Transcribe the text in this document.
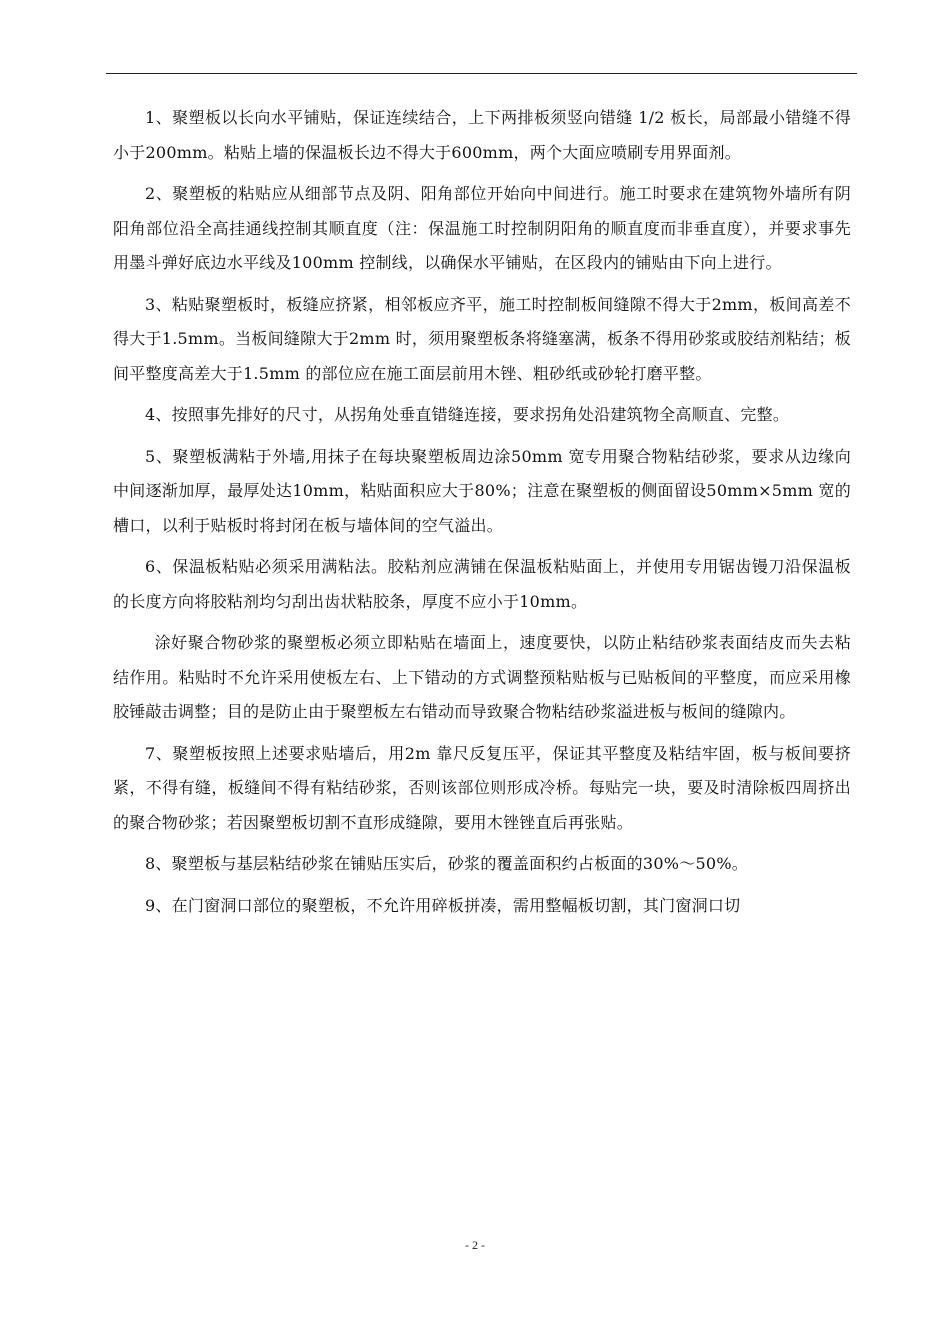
1、聚塑板以长向水平铺贴，保证连续结合，上下两排板须竖向错缝 1/2 板长，局部最小错缝不得小于200mm。粘贴上墙的保温板长边不得大于600mm，两个大面应喷刷专用界面剂。

2、聚塑板的粘贴应从细部节点及阴、阳角部位开始向中间进行。施工时要求在建筑物外墙所有阴阳角部位沿全高挂通线控制其顺直度（注：保温施工时控制阴阳角的顺直度而非垂直度），并要求事先用墨斗弹好底边水平线及100mm 控制线，以确保水平铺贴，在区段内的铺贴由下向上进行。

3、粘贴聚塑板时，板缝应挤紧，相邻板应齐平，施工时控制板间缝隙不得大于2mm，板间高差不得大于1.5mm。当板间缝隙大于2mm 时，须用聚塑板条将缝塞满，板条不得用砂浆或胶结剂粘结；板间平整度高差大于1.5mm 的部位应在施工面层前用木锉、粗砂纸或砂轮打磨平整。

4、按照事先排好的尺寸，从拐角处垂直错缝连接，要求拐角处沿建筑物全高顺直、完整。

5、聚塑板满粘于外墙,用抹子在每块聚塑板周边涂50mm 宽专用聚合物粘结砂浆，要求从边缘向中间逐渐加厚，最厚处达10mm，粘贴面积应大于80%；注意在聚塑板的侧面留设50mm×5mm 宽的槽口，以利于贴板时将封闭在板与墙体间的空气溢出。

6、保温板粘贴必须采用满粘法。胶粘剂应满铺在保温板粘贴面上，并使用专用锯齿镘刀沿保温板的长度方向将胶粘剂均匀刮出齿状粘胶条，厚度不应小于10mm。

涂好聚合物砂浆的聚塑板必须立即粘贴在墙面上，速度要快，以防止粘结砂浆表面结皮而失去粘结作用。粘贴时不允许采用使板左右、上下错动的方式调整预粘贴板与已贴板间的平整度，而应采用橡胶锤敲击调整；目的是防止由于聚塑板左右错动而导致聚合物粘结砂浆溢进板与板间的缝隙内。

7、聚塑板按照上述要求贴墙后，用2m 靠尺反复压平，保证其平整度及粘结牢固，板与板间要挤紧，不得有缝，板缝间不得有粘结砂浆，否则该部位则形成冷桥。每贴完一块，要及时清除板四周挤出的聚合物砂浆；若因聚塑板切割不直形成缝隙，要用木锉锉直后再张贴。

8、聚塑板与基层粘结砂浆在铺贴压实后，砂浆的覆盖面积约占板面的30%～50%。

9、在门窗洞口部位的聚塑板，不允许用碎板拼凑，需用整幅板切割，其门窗洞口切

- 2 -
